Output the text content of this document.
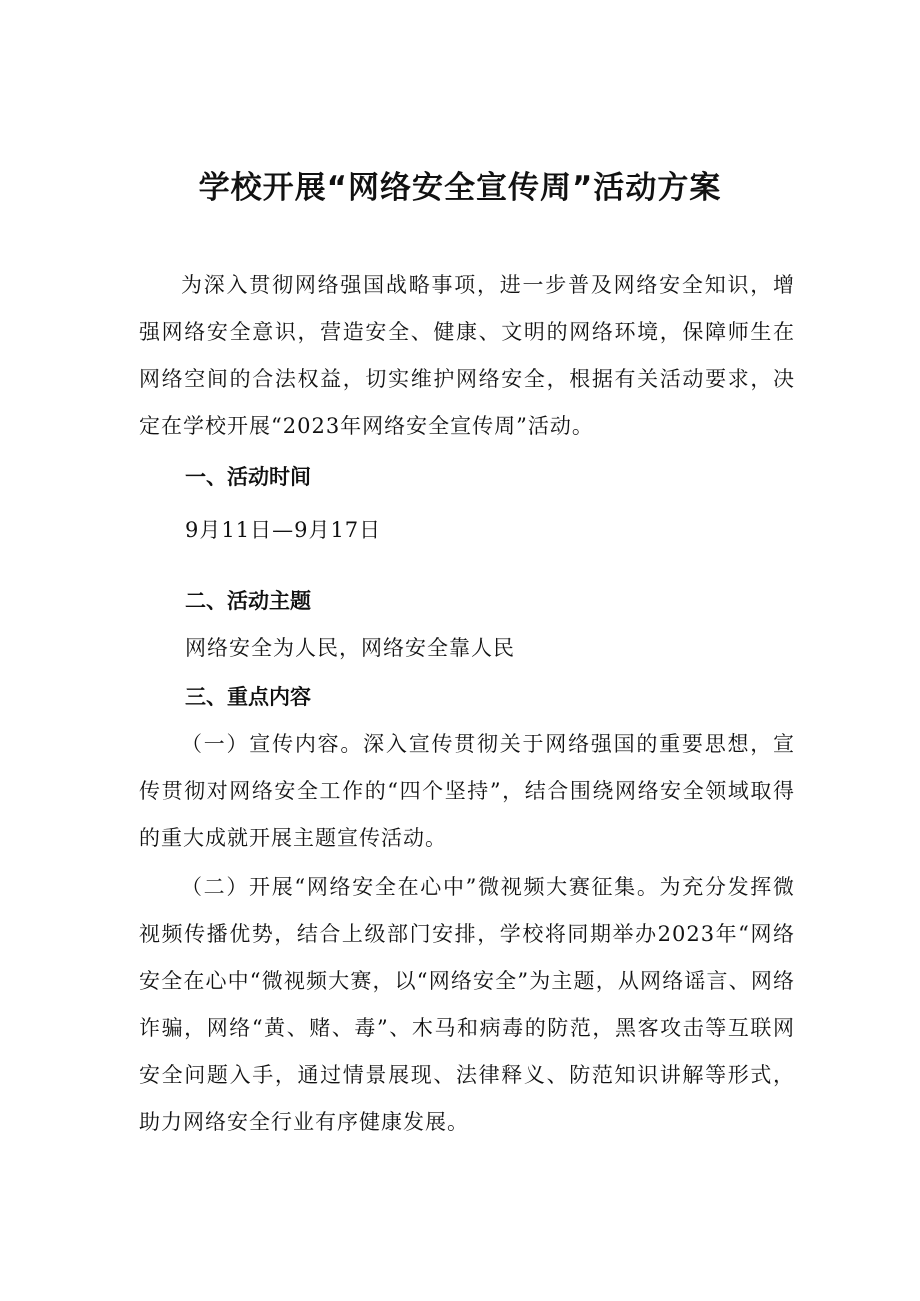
学校开展“网络安全宣传周”活动方案

为深入贯彻网络强国战略事项，进一步普及网络安全知识，增强网络安全意识，营造安全、健康、文明的网络环境，保障师生在网络空间的合法权益，切实维护网络安全，根据有关活动要求，决定在学校开展“2023年网络安全宣传周”活动。

一、活动时间

9月11日—9月17日

二、活动主题

网络安全为人民，网络安全靠人民

三、重点内容

（一）宣传内容。深入宣传贯彻关于网络强国的重要思想，宣传贯彻对网络安全工作的“四个坚持”，结合围绕网络安全领域取得的重大成就开展主题宣传活动。

（二）开展“网络安全在心中”微视频大赛征集。为充分发挥微视频传播优势，结合上级部门安排，学校将同期举办2023年“网络安全在心中“微视频大赛，以“网络安全”为主题，从网络谣言、网络诈骗，网络“黄、赌、毒”、木马和病毒的防范，黑客攻击等互联网安全问题入手，通过情景展现、法律释义、防范知识讲解等形式，助力网络安全行业有序健康发展。
